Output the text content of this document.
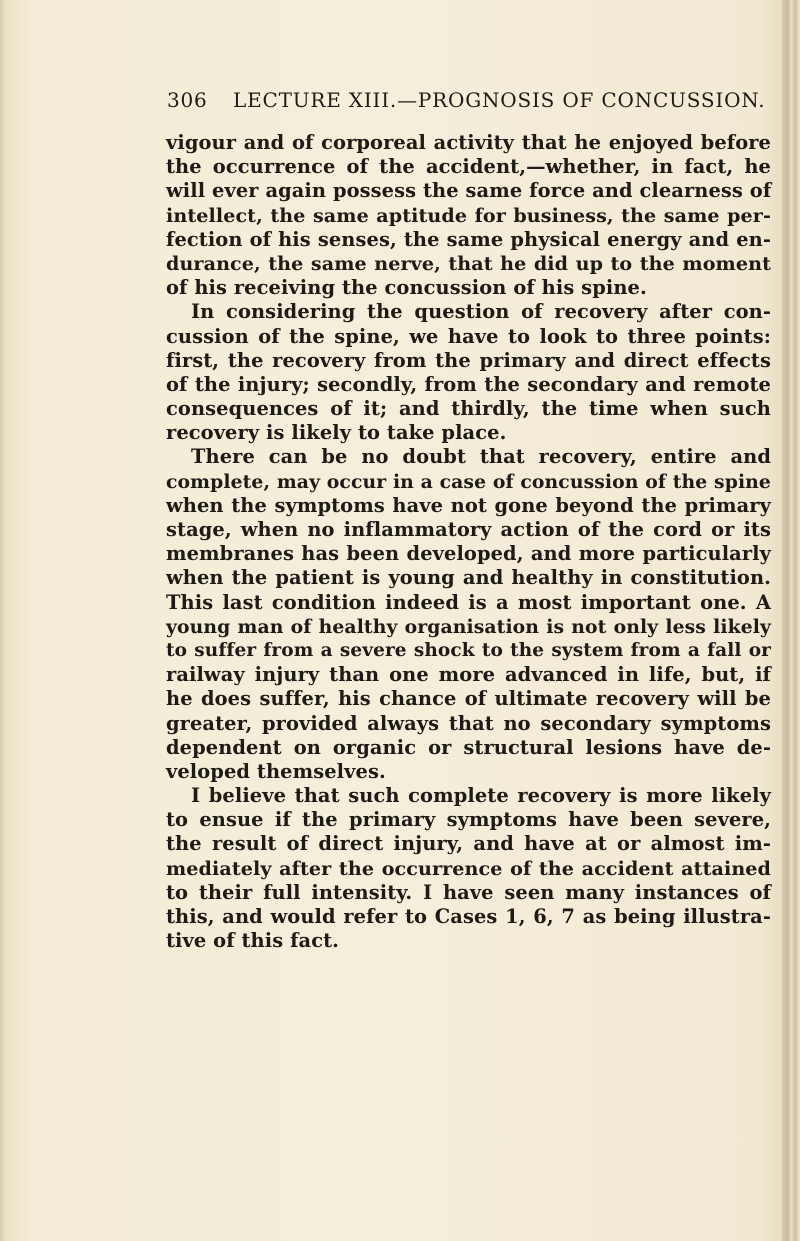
306 LECTURE XIII.—PROGNOSIS OF CONCUSSION.
vigour and of corporeal activity that he enjoyed before
the occurrence of the accident,—whether, in fact, he
will ever again possess the same force and clearness of
intellect, the same aptitude for business, the same per-
fection of his senses, the same physical energy and en-
durance, the same nerve, that he did up to the moment
of his receiving the concussion of his spine.
In considering the question of recovery after con-
cussion of the spine, we have to look to three points:
first, the recovery from the primary and direct effects
of the injury; secondly, from the secondary and remote
consequences of it; and thirdly, the time when such
recovery is likely to take place.
There can be no doubt that recovery, entire and
complete, may occur in a case of concussion of the spine
when the symptoms have not gone beyond the primary
stage, when no inflammatory action of the cord or its
membranes has been developed, and more particularly
when the patient is young and healthy in constitution.
This last condition indeed is a most important one. A
young man of healthy organisation is not only less likely
to suffer from a severe shock to the system from a fall or
railway injury than one more advanced in life, but, if
he does suffer, his chance of ultimate recovery will be
greater, provided always that no secondary symptoms
dependent on organic or structural lesions have de-
veloped themselves.
I believe that such complete recovery is more likely
to ensue if the primary symptoms have been severe,
the result of direct injury, and have at or almost im-
mediately after the occurrence of the accident attained
to their full intensity. I have seen many instances of
this, and would refer to Cases 1, 6, 7 as being illustra-
tive of this fact.
